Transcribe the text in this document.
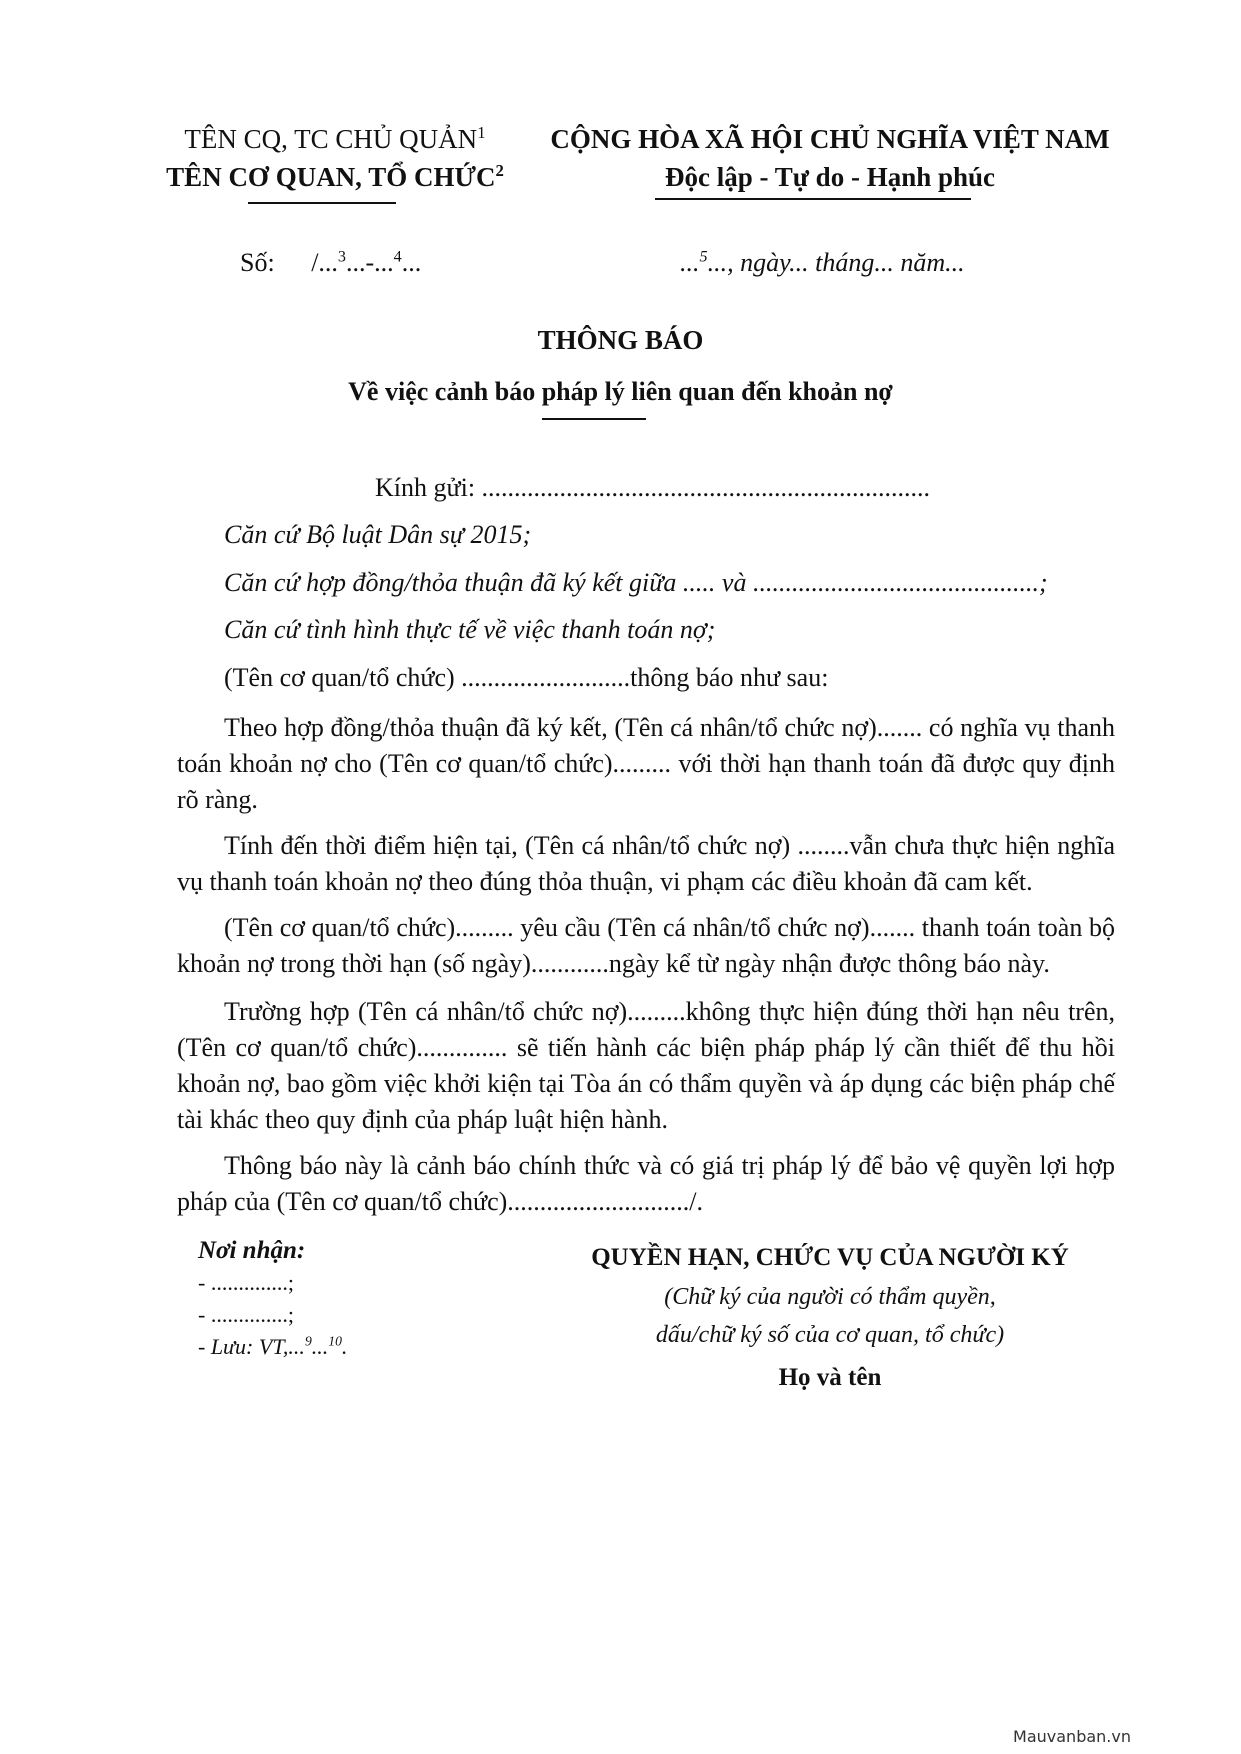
TÊN CQ, TC CHỦ QUẢN$^1$
TÊN CƠ QUAN, TỔ CHỨC$^2$
CỘNG HÒA XÃ HỘI CHỦ NGHĨA VIỆT NAM
Độc lập - Tự do - Hạnh phúc
Số: /...$^3$...-...$^4$...	...$^5$..., ngày... tháng... năm...
THÔNG BÁO
Về việc cảnh báo pháp lý liên quan đến khoản nợ
Kính gửi: .....................................................................
Căn cứ Bộ luật Dân sự 2015;
Căn cứ hợp đồng/thỏa thuận đã ký kết giữa ..... và ............................................;
Căn cứ tình hình thực tế về việc thanh toán nợ;
(Tên cơ quan/tổ chức) ..........................thông báo như sau:
Theo hợp đồng/thỏa thuận đã ký kết, (Tên cá nhân/tổ chức nợ)....... có nghĩa vụ thanh toán khoản nợ cho (Tên cơ quan/tổ chức)......... với thời hạn thanh toán đã được quy định rõ ràng.
Tính đến thời điểm hiện tại, (Tên cá nhân/tổ chức nợ) ........vẫn chưa thực hiện nghĩa vụ thanh toán khoản nợ theo đúng thỏa thuận, vi phạm các điều khoản đã cam kết.
(Tên cơ quan/tổ chức)......... yêu cầu (Tên cá nhân/tổ chức nợ)....... thanh toán toàn bộ khoản nợ trong thời hạn (số ngày)............ngày kể từ ngày nhận được thông báo này.
Trường hợp (Tên cá nhân/tổ chức nợ).........không thực hiện đúng thời hạn nêu trên, (Tên cơ quan/tổ chức).............. sẽ tiến hành các biện pháp pháp lý cần thiết để thu hồi khoản nợ, bao gồm việc khởi kiện tại Tòa án có thẩm quyền và áp dụng các biện pháp chế tài khác theo quy định của pháp luật hiện hành.
Thông báo này là cảnh báo chính thức và có giá trị pháp lý để bảo vệ quyền lợi hợp pháp của (Tên cơ quan/tổ chức)............................/.
Nơi nhận:
- ..............;
- ..............;
- Lưu: VT,...$^9$...$^{10}$.
QUYỀN HẠN, CHỨC VỤ CỦA NGƯỜI KÝ
(Chữ ký của người có thẩm quyền,
dấu/chữ ký số của cơ quan, tổ chức)
Họ và tên
Mauvanban.vn
